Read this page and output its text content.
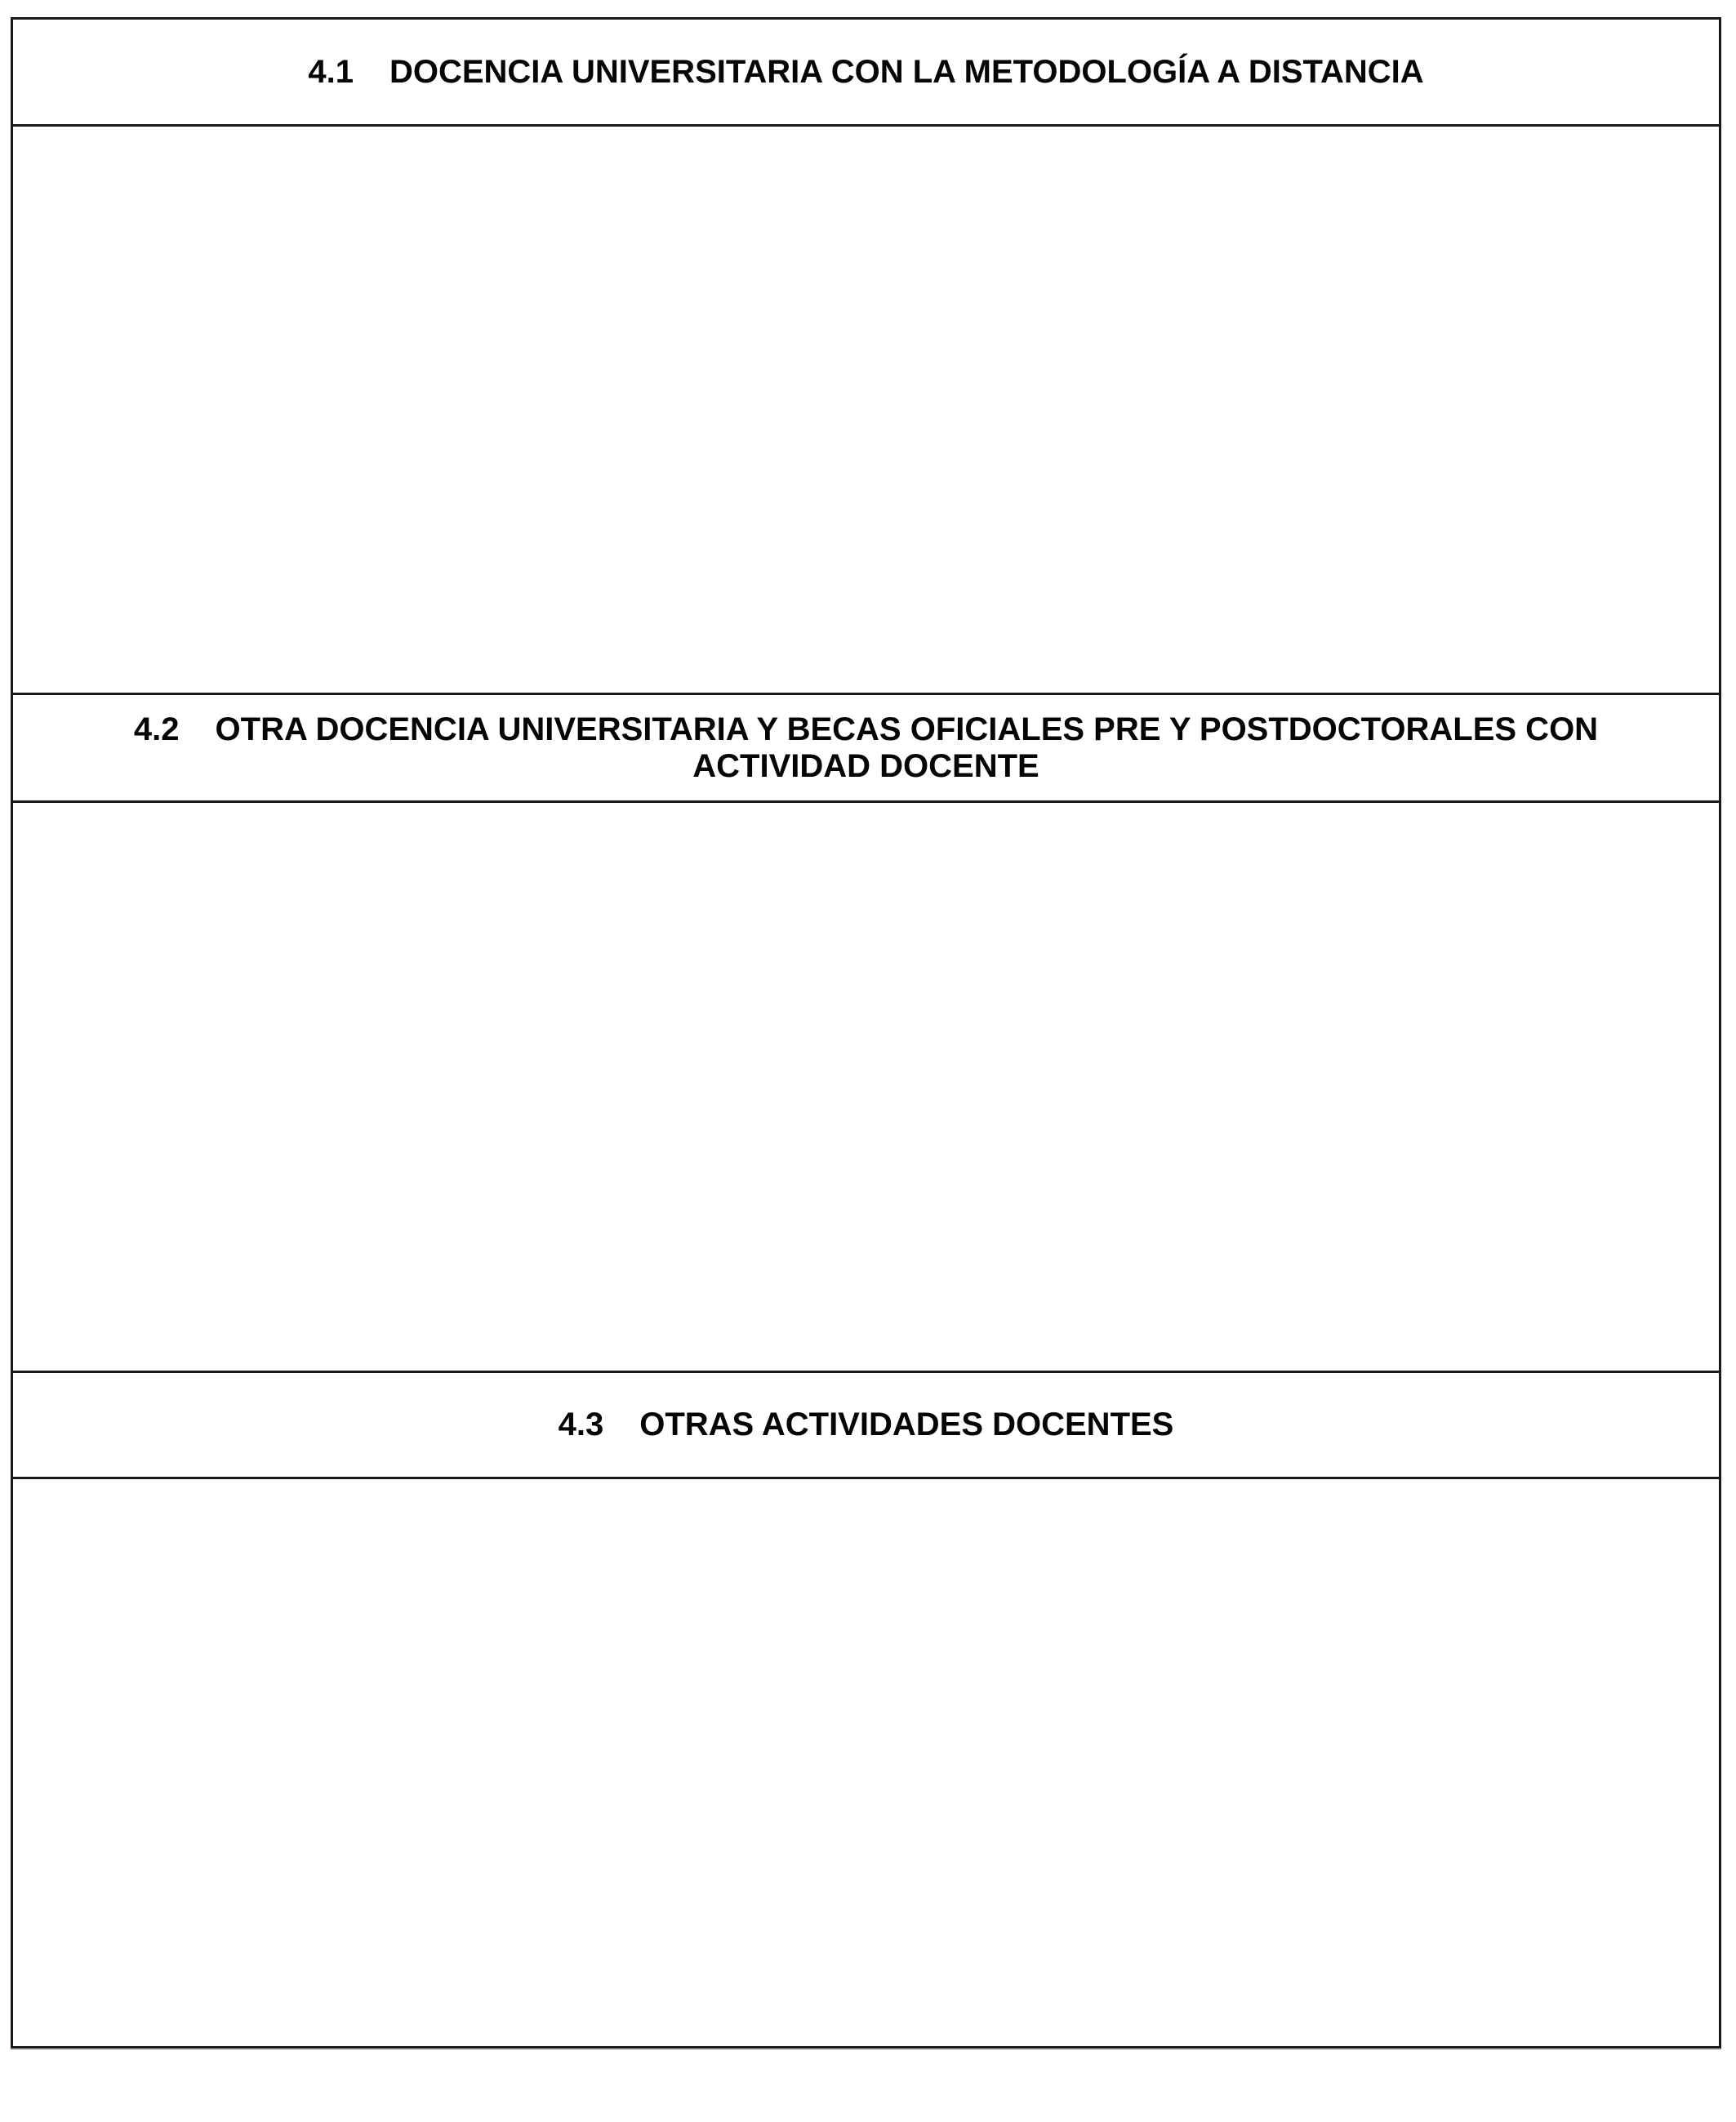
4.1 DOCENCIA UNIVERSITARIA CON LA METODOLOGÍA A DISTANCIA
4.2 OTRA DOCENCIA UNIVERSITARIA Y BECAS OFICIALES PRE Y POSTDOCTORALES CON ACTIVIDAD DOCENTE
4.3 OTRAS ACTIVIDADES DOCENTES
